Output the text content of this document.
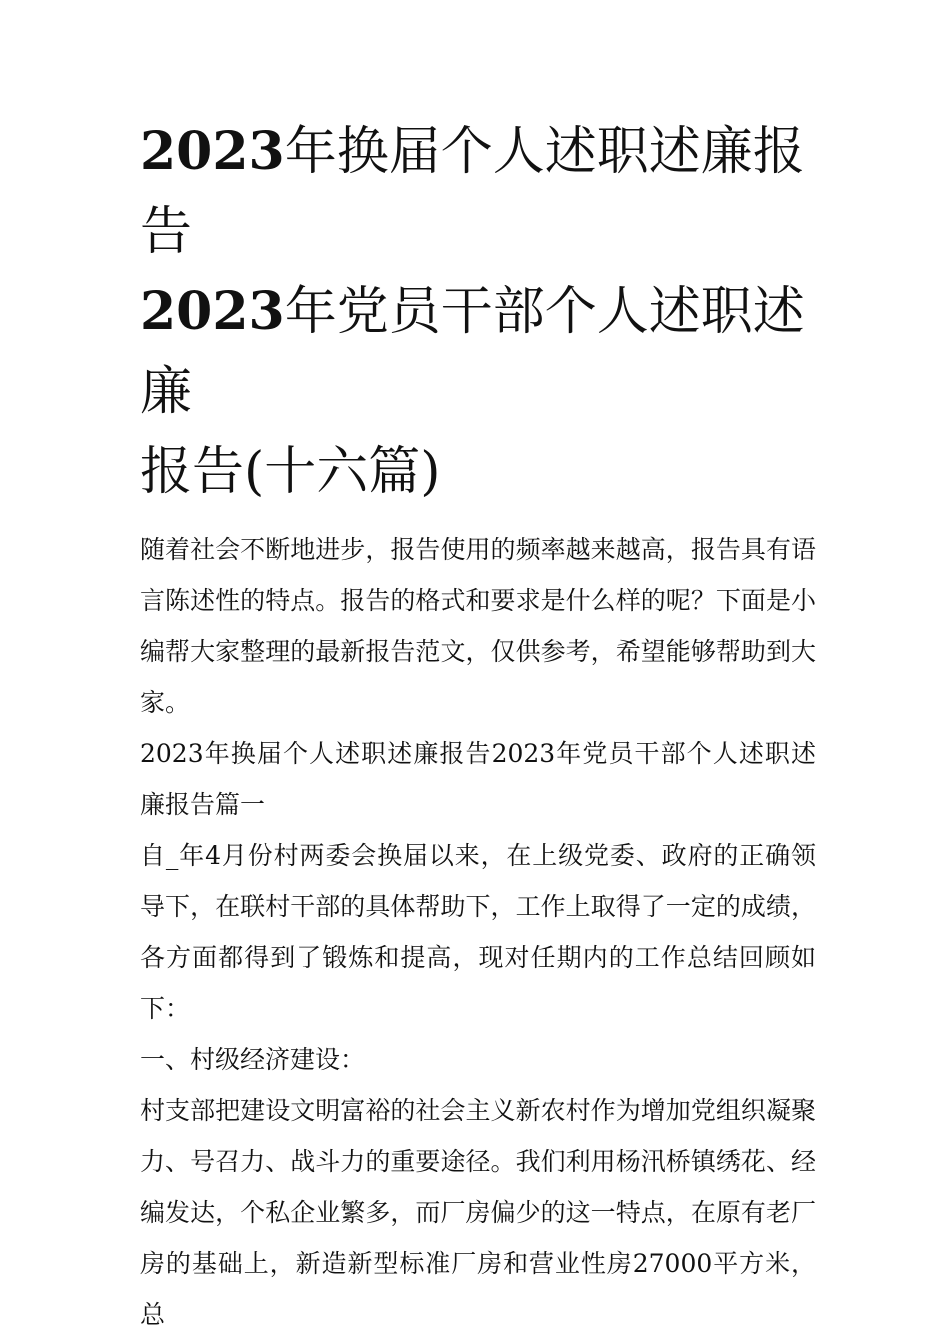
2023年换届个人述职述廉报告
2023年党员干部个人述职述廉
报告(十六篇)

随着社会不断地进步，报告使用的频率越来越高，报告具有语言陈述性的特点。报告的格式和要求是什么样的呢？下面是小编帮大家整理的最新报告范文，仅供参考，希望能够帮助到大家。

2023年换届个人述职述廉报告2023年党员干部个人述职述廉报告篇一

自_年4月份村两委会换届以来，在上级党委、政府的正确领导下，在联村干部的具体帮助下，工作上取得了一定的成绩，各方面都得到了锻炼和提高，现对任期内的工作总结回顾如下：

一、村级经济建设：

村支部把建设文明富裕的社会主义新农村作为增加党组织凝聚力、号召力、战斗力的重要途径。我们利用杨汛桥镇绣花、经编发达，个私企业繁多，而厂房偏少的这一特点，在原有老厂房的基础上，新造新型标准厂房和营业性房27000平方米，总
